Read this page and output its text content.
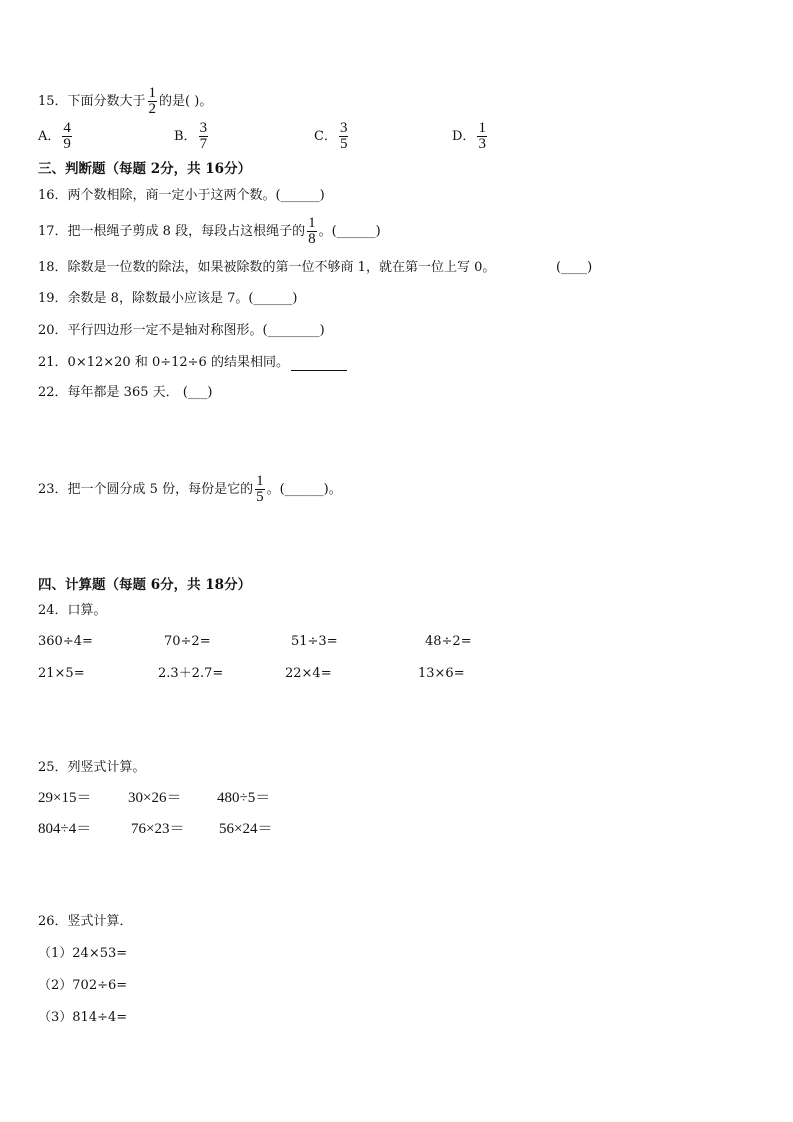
15．下面分数大于 $\frac{1}{2}$ 的是( )。
A． $\frac{4}{9}$	B． $\frac{3}{7}$	C． $\frac{3}{5}$	D． $\frac{1}{3}$
三、判断题（每题 2分，共 16分）
16．两个数相除，商一定小于这两个数。(______)
17．把一根绳子剪成 8 段，每段占这根绳子的 $\frac{1}{8}$ 。(______)
18．除数是一位数的除法，如果被除数的第一位不够商 1，就在第一位上写 0。	(____)
19．余数是 8，除数最小应该是 7。(______)
20．平行四边形一定不是轴对称图形。(________)
21．0×12×20 和 0÷12÷6 的结果相同。
22．每年都是 365 天． (___)
23．把一个圆分成 5 份，每份是它的 $\frac{1}{5}$ 。(______)。
四、计算题（每题 6分，共 18分）
24．口算。
360÷4=	70÷2=	51÷3=	48÷2=
21×5=	2.3＋2.7=	22×4=	13×6=
25．列竖式计算。
29×15＝ 30×26＝ 480÷5＝
804÷4＝	76×23＝ 56×24＝
26．竖式计算．
（1）24×53=
（2）702÷6=
（3）814÷4=
